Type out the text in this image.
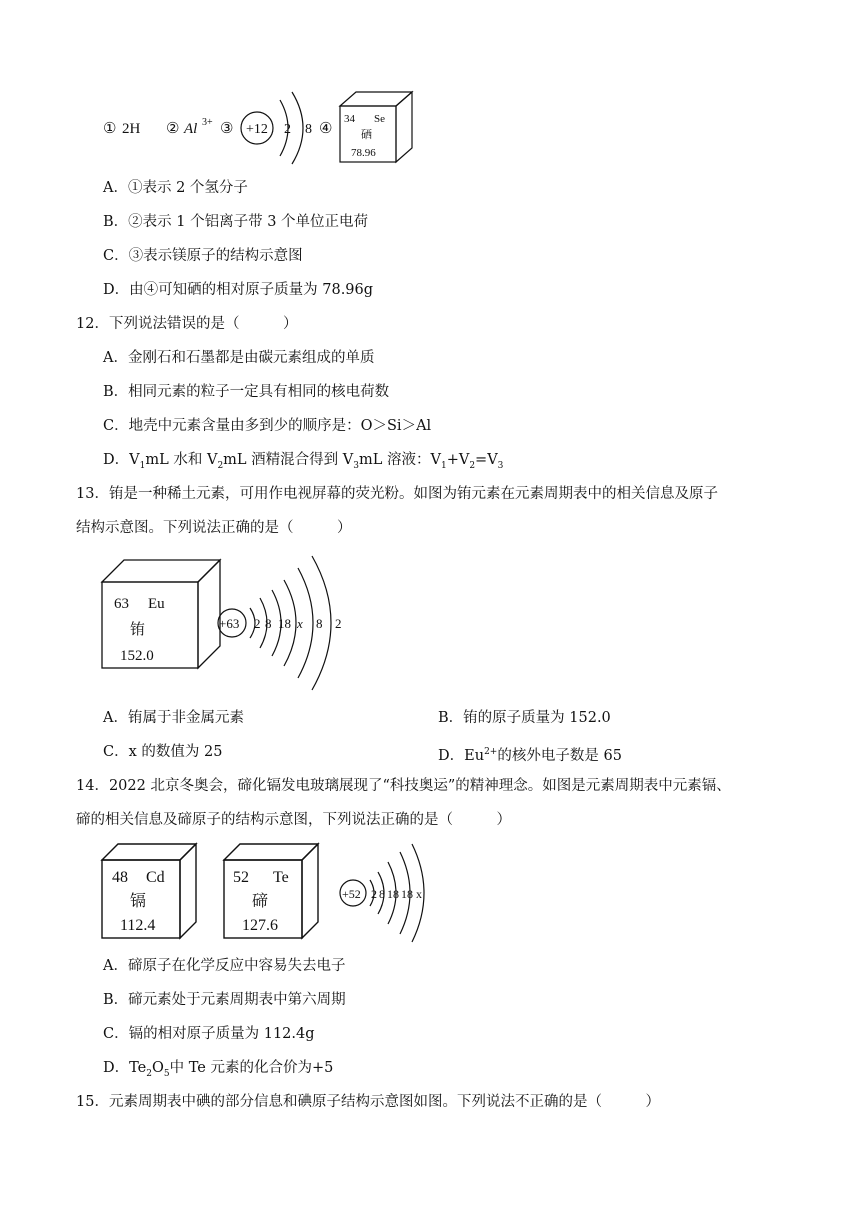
① 2H ② Al 3+ ③ +12 2 8 ④
34 Se
硒
78.96
A．①表示 2 个氢分子
B．②表示 1 个铝离子带 3 个单位正电荷
C．③表示镁原子的结构示意图
D．由④可知硒的相对原子质量为 78.96g
12．下列说法错误的是（　　　）
A．金刚石和石墨都是由碳元素组成的单质
B．相同元素的粒子一定具有相同的核电荷数
C．地壳中元素含量由多到少的顺序是：O＞Si＞Al
D．$V_1mL$ 水和 $V_2mL$ 酒精混合得到 $V_3mL$ 溶液：$V_1+V_2=V_3$
13．铕是一种稀土元素，可用作电视屏幕的荧光粉。如图为铕元素在元素周期表中的相关信息及原子
结构示意图。下列说法正确的是（　　　）
63 Eu
铕
152.0
+63 2 8 18 x 8 2
A．铕属于非金属元素	B．铕的原子质量为 152.0
C．x 的数值为 25	D．$Eu^{2+}$的核外电子数是 65
14．2022 北京冬奥会，碲化镉发电玻璃展现了“科技奥运”的精神理念。如图是元素周期表中元素镉、
碲的相关信息及碲原子的结构示意图，下列说法正确的是（　　　）
48 Cd
镉
112.4
52 Te
碲
127.6
+52 2 8 18 18 x
A．碲原子在化学反应中容易失去电子
B．碲元素处于元素周期表中第六周期
C．镉的相对原子质量为 112.4g
D．$Te_2O_5$中 Te 元素的化合价为+5
15．元素周期表中碘的部分信息和碘原子结构示意图如图。下列说法不正确的是（　　　）
